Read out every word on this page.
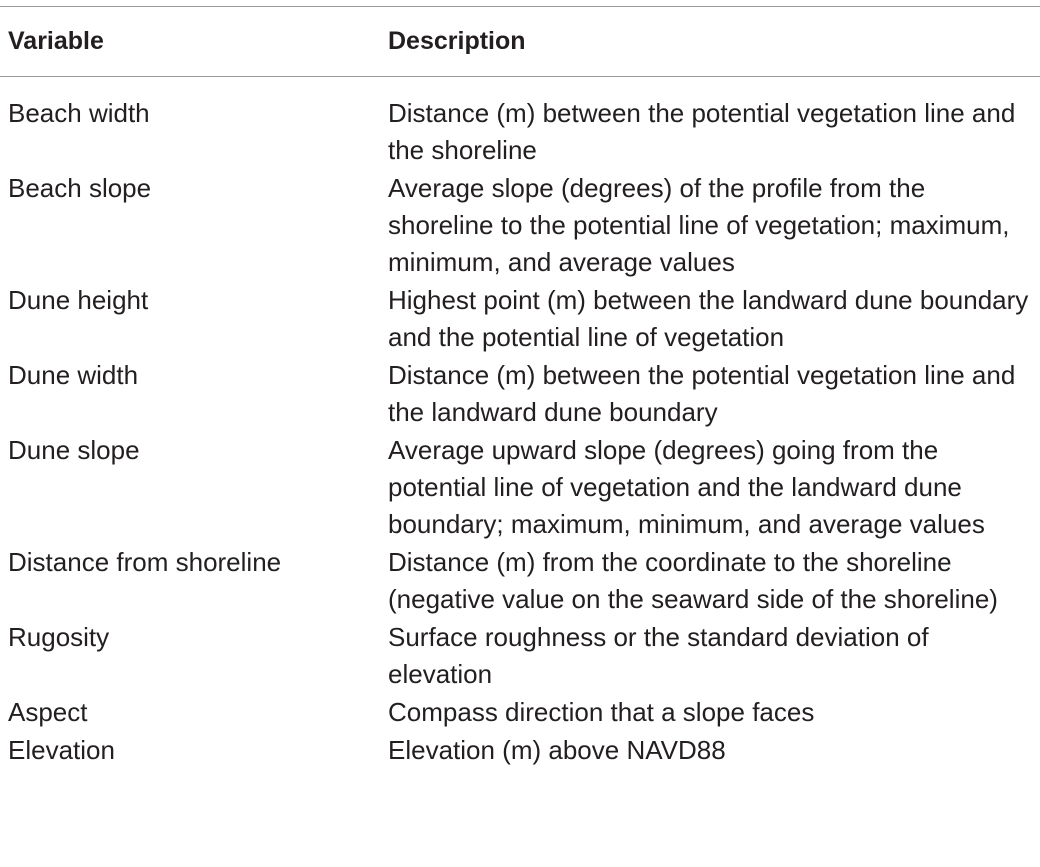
Variable	Description
Beach width	Distance (m) between the potential vegetation line and the shoreline
Beach slope	Average slope (degrees) of the profile from the shoreline to the potential line of vegetation; maximum, minimum, and average values
Dune height	Highest point (m) between the landward dune boundary and the potential line of vegetation
Dune width	Distance (m) between the potential vegetation line and the landward dune boundary
Dune slope	Average upward slope (degrees) going from the potential line of vegetation and the landward dune boundary; maximum, minimum, and average values
Distance from shoreline	Distance (m) from the coordinate to the shoreline (negative value on the seaward side of the shoreline)
Rugosity	Surface roughness or the standard deviation of elevation
Aspect	Compass direction that a slope faces
Elevation	Elevation (m) above NAVD88
